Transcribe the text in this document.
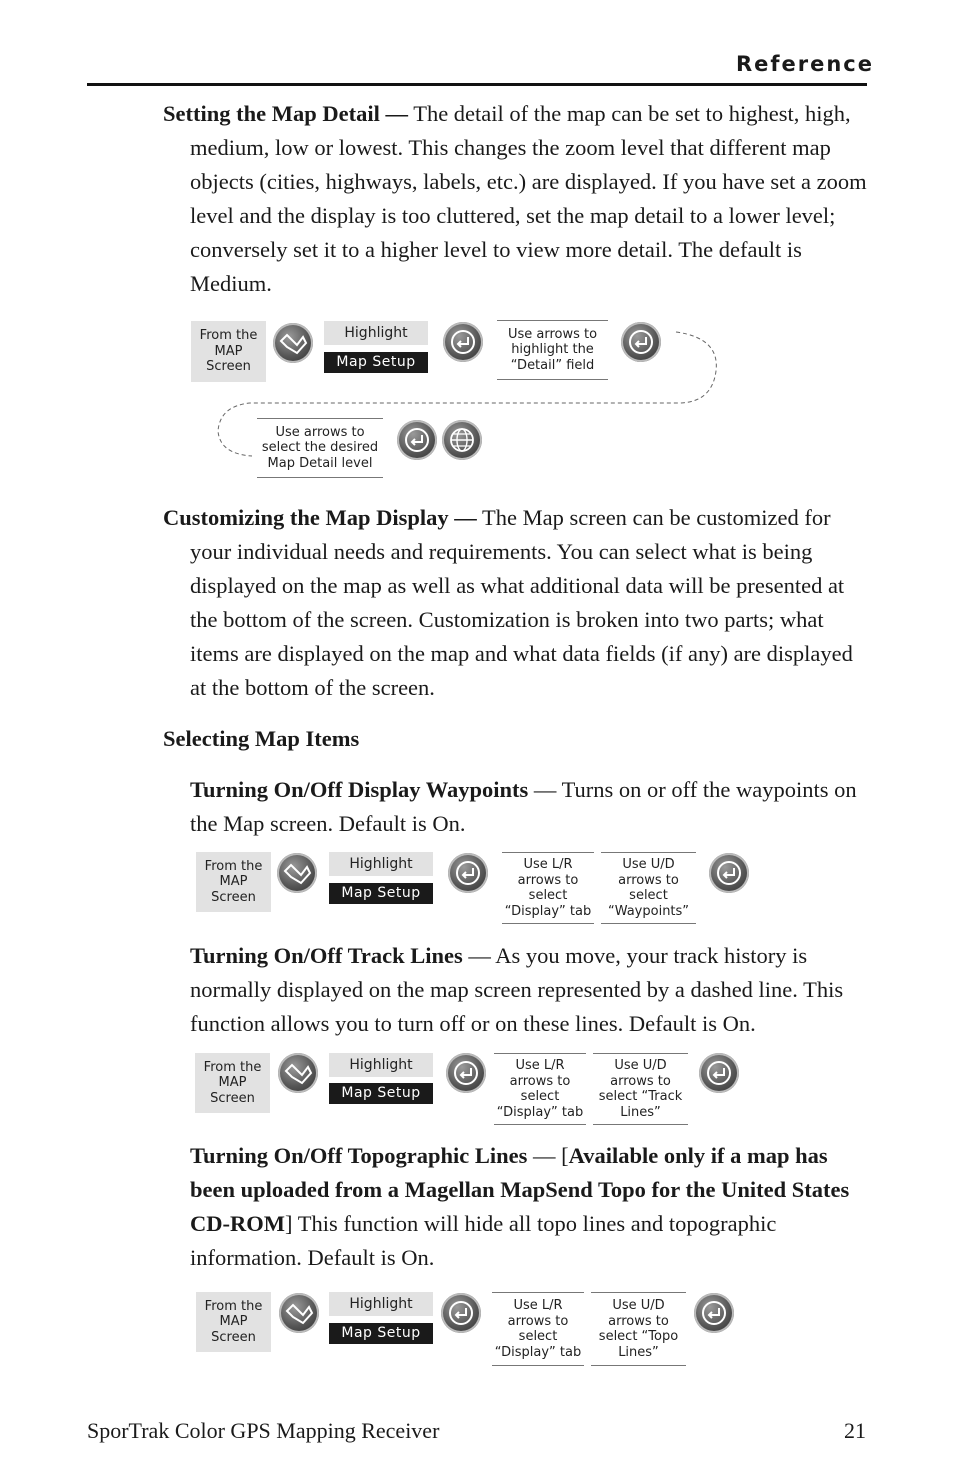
Reference
Setting the Map Detail — The detail of the map can be set to highest, high, medium, low or lowest. This changes the zoom level that different map objects (cities, highways, labels, etc.) are displayed. If you have set a zoom level and the display is too cluttered, set the map detail to a lower level; conversely set it to a higher level to view more detail. The default is Medium.
From the MAP Screen
Highlight
Map Setup
Use arrows to highlight the “Detail” field
Use arrows to select the desired Map Detail level
Customizing the Map Display — The Map screen can be customized for your individual needs and requirements. You can select what is being displayed on the map as well as what additional data will be presented at the bottom of the screen. Customization is broken into two parts; what items are displayed on the map and what data fields (if any) are displayed at the bottom of the screen.
Selecting Map Items
Turning On/Off Display Waypoints — Turns on or off the waypoints on the Map screen. Default is On.
From the MAP Screen
Highlight
Map Setup
Use L/R arrows to select “Display” tab
Use U/D arrows to select “Waypoints”
Turning On/Off Track Lines — As you move, your track history is normally displayed on the map screen represented by a dashed line. This function allows you to turn off or on these lines. Default is On.
From the MAP Screen
Highlight
Map Setup
Use L/R arrows to select “Display” tab
Use U/D arrows to select “Track Lines”
Turning On/Off Topographic Lines — [Available only if a map has been uploaded from a Magellan MapSend Topo for the United States CD-ROM] This function will hide all topo lines and topographic information. Default is On.
From the MAP Screen
Highlight
Map Setup
Use L/R arrows to select “Display” tab
Use U/D arrows to select “Topo Lines”
SporTrak Color GPS Mapping Receiver	21
